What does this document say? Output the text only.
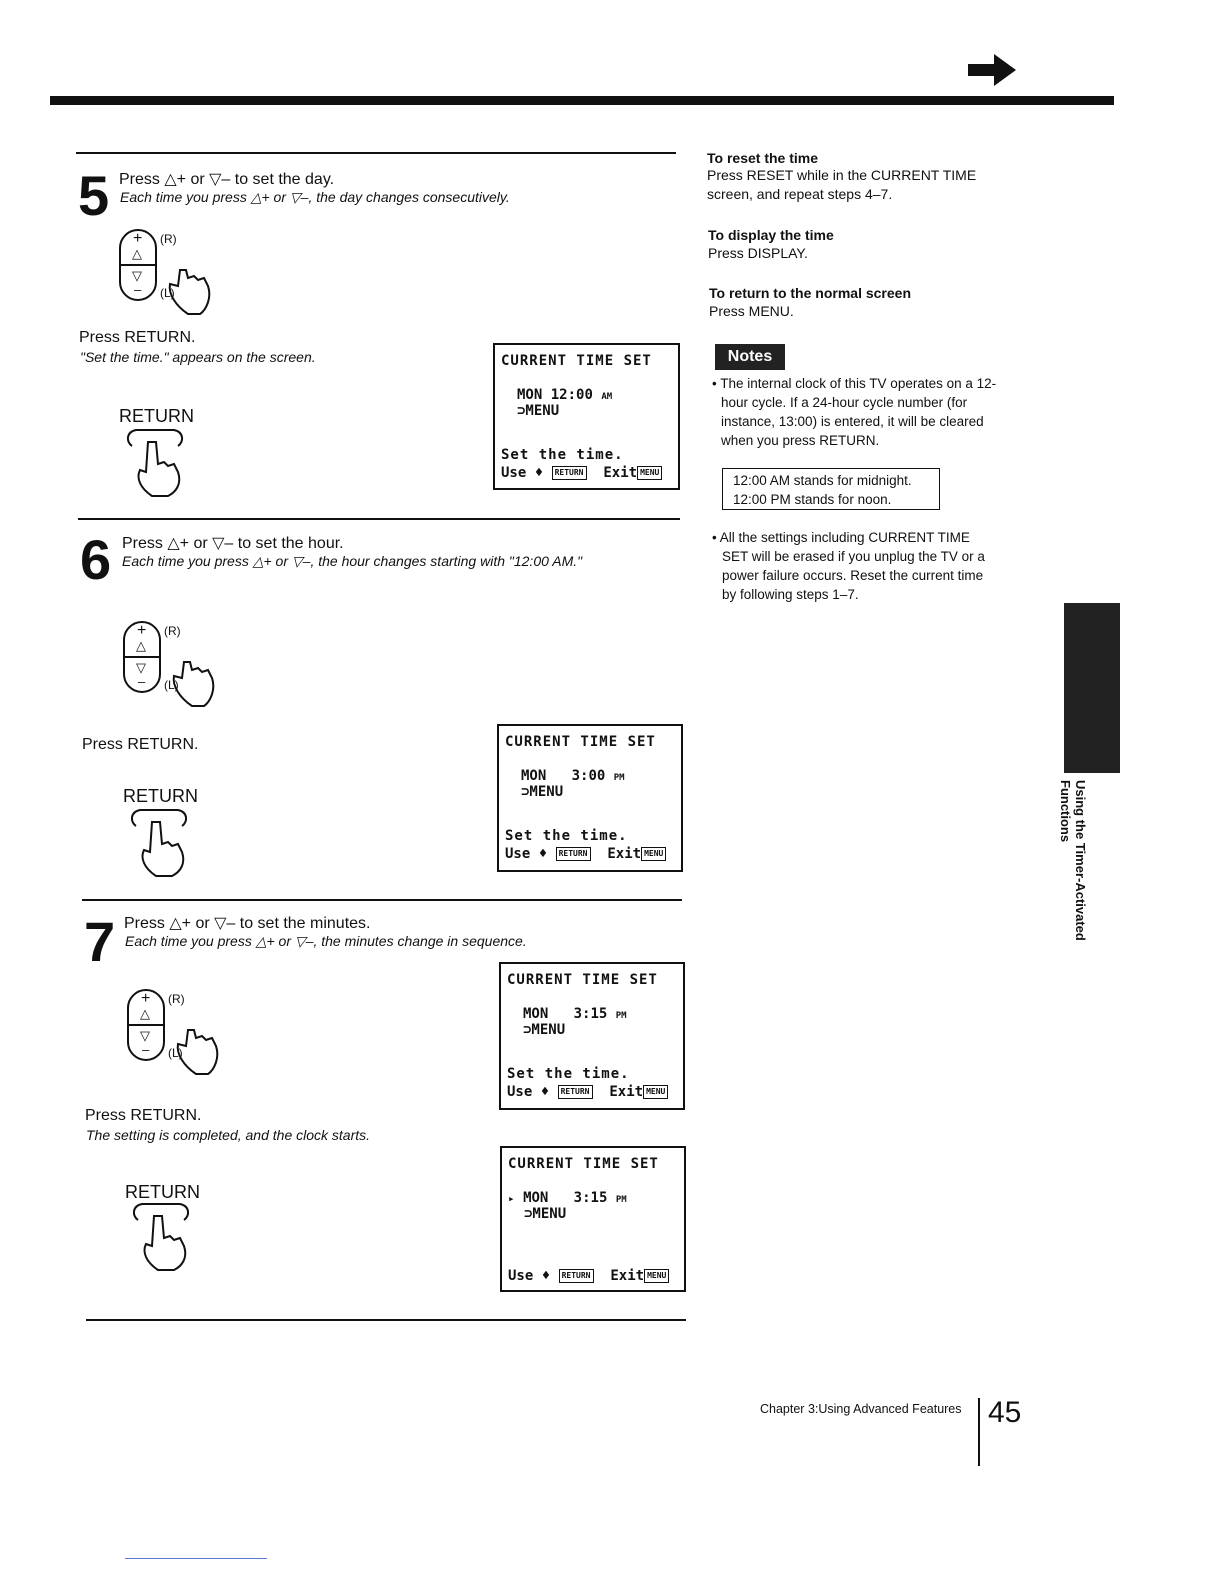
5 Press △+ or ▽– to set the day.
Each time you press △+ or ▽–, the day changes consecutively.
+
△
▽
–
(R)
(L)
Press RETURN.
"Set the time." appears on the screen.
RETURN
CURRENT TIME SET
MON 12:00 AM
⊃MENU
Set the time.
Use ♦ RETURN Exit MENU
6 Press △+ or ▽– to set the hour.
Each time you press △+ or ▽–, the hour changes starting with "12:00 AM."
+
△
▽
–
(R)
(L)
Press RETURN.
RETURN
CURRENT TIME SET
MON 3:00 PM
⊃MENU
Set the time.
Use ♦ RETURN Exit MENU
7 Press △+ or ▽– to set the minutes.
Each time you press △+ or ▽–, the minutes change in sequence.
+
△
▽
–
(R)
(L)
CURRENT TIME SET
MON 3:15 PM
⊃MENU
Set the time.
Use ♦ RETURN Exit MENU
Press RETURN.
The setting is completed, and the clock starts.
RETURN
CURRENT TIME SET
▸ MON 3:15 PM
⊃MENU
Use ♦ RETURN Exit MENU
To reset the time
Press RESET while in the CURRENT TIME
screen, and repeat steps 4–7.
To display the time
Press DISPLAY.
To return to the normal screen
Press MENU.
Notes
• The internal clock of this TV operates on a 12-
hour cycle. If a 24-hour cycle number (for
instance, 13:00) is entered, it will be cleared
when you press RETURN.
12:00 AM stands for midnight.
12:00 PM stands for noon.
• All the settings including CURRENT TIME
SET will be erased if you unplug the TV or a
power failure occurs. Reset the current time
by following steps 1–7.
Using the Timer-Activated Functions
Chapter 3:Using Advanced Features 45
